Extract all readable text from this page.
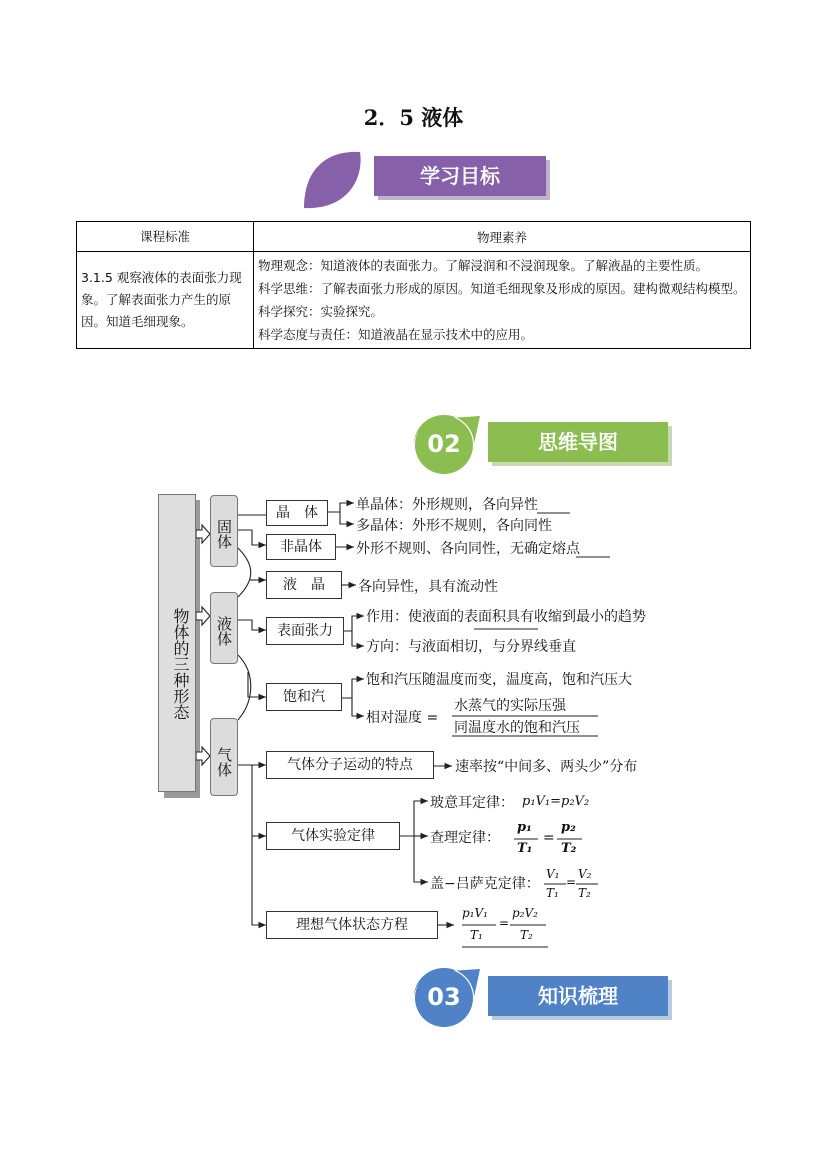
2．5 液体
学习目标
课程标准	物理素养
3.1.5 观察液体的表面张力现象。了解表面张力产生的原因。知道毛细现象。	物理观念：知道液体的表面张力。了解浸润和不浸润现象。了解液晶的主要性质。
科学思维：了解表面张力形成的原因。知道毛细现象及形成的原因。建构微观结构模型。
科学探究：实验探究。
科学态度与责任：知道液晶在显示技术中的应用。
02	思维导图
物体的三种形态
固体
液体
气体
晶　体
非晶体
液　晶
表面张力
饱和汽
气体分子运动的特点
气体实验定律
理想气体状态方程
单晶体：外形规则，各向异性
多晶体：外形不规则，各向同性
外形不规则、各向同性，无确定熔点
各向异性，具有流动性
作用：使液面的表面积具有收缩到最小的趋势
方向：与液面相切，与分界线垂直
饱和汽压随温度而变，温度高，饱和汽压大
相对湿度 =
水蒸气的实际压强
同温度水的饱和汽压
速率按“中间多、两头少”分布
玻意耳定律： p₁V₁=p₂V₂
查理定律：
p₁
T₁
=
p₂
T₂
盖−吕萨克定律：
V₁
T₁
=
V₂
T₂
p₁V₁
T₁
=
p₂V₂
T₂
03	知识梳理
